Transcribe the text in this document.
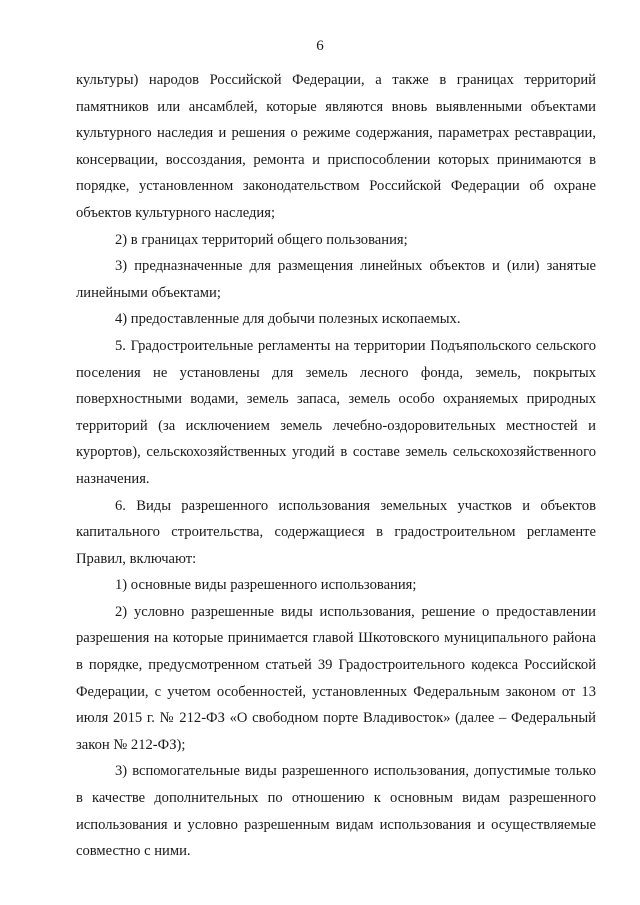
6

культуры) народов Российской Федерации, а также в границах территорий памятников или ансамблей, которые являются вновь выявленными объектами культурного наследия и решения о режиме содержания, параметрах реставрации, консервации, воссоздания, ремонта и приспособлении которых принимаются в порядке, установленном законодательством Российской Федерации об охране объектов культурного наследия;

2) в границах территорий общего пользования;

3) предназначенные для размещения линейных объектов и (или) занятые линейными объектами;

4) предоставленные для добычи полезных ископаемых.

5. Градостроительные регламенты на территории Подъяпольского сельского поселения не установлены для земель лесного фонда, земель, покрытых поверхностными водами, земель запаса, земель особо охраняемых природных территорий (за исключением земель лечебно-оздоровительных местностей и курортов), сельскохозяйственных угодий в составе земель сельскохозяйственного назначения.

6. Виды разрешенного использования земельных участков и объектов капитального строительства, содержащиеся в градостроительном регламенте Правил, включают:

1) основные виды разрешенного использования;

2) условно разрешенные виды использования, решение о предоставлении разрешения на которые принимается главой Шкотовского муниципального района в порядке, предусмотренном статьей 39 Градостроительного кодекса Российской Федерации, с учетом особенностей, установленных Федеральным законом от 13 июля 2015 г. № 212-ФЗ «О свободном порте Владивосток» (далее – Федеральный закон № 212-ФЗ);

3) вспомогательные виды разрешенного использования, допустимые только в качестве дополнительных по отношению к основным видам разрешенного использования и условно разрешенным видам использования и осуществляемые совместно с ними.
